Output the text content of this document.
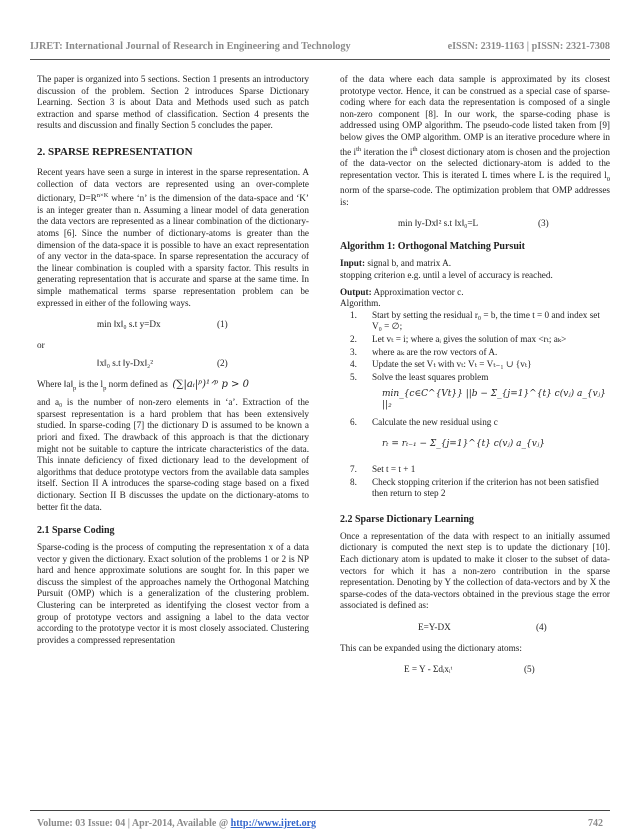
IJRET: International Journal of Research in Engineering and Technology	eISSN: 2319-1163 | pISSN: 2321-7308

The paper is organized into 5 sections. Section 1 presents an introductory discussion of the problem. Section 2 introduces Sparse Dictionary Learning. Section 3 is about Data and Methods used such as patch extraction and sparse method of classification. Section 4 presents the results and discussion and finally Section 5 concludes the paper.

2. SPARSE REPRESENTATION

Recent years have seen a surge in interest in the sparse representation. A collection of data vectors are represented using an over-complete dictionary, $D=R^{n\times K}$ where ‘n’ is the dimension of the data-space and ‘K’ is an integer greater than n. Assuming a linear model of data generation the data vectors are represented as a linear combination of the dictionary-atoms [6]. Since the number of dictionary-atoms is greater than the dimension of the data-space it is possible to have an exact representation of any vector in the data-space. In sparse representation the accuracy of the linear combination is coupled with a sparsity factor. This results in generating representation that is accurate and sparse at the same time. In simple mathematical terms sparse representation problem can be expressed in either of the following ways.

min ‖x‖₀ s.t y=Dx	(1)
or
‖x‖₀ s.t ‖y-Dx‖₂²	(2)

Where $‖a‖_p$ is the $l_p$ norm defined as (∑|aᵢ|ᵖ)¹ᐟᵖ p > 0

and a₀ is the number of non-zero elements in ‘a’. Extraction of the sparsest representation is a hard problem that has been extensively studied. In sparse-coding [7] the dictionary D is assumed to be known a priori and fixed. The drawback of this approach is that the dictionary might not be suitable to capture the intricate characteristics of the data. This innate deficiency of fixed dictionary lead to the development of algorithms that deduce prototype vectors from the available data samples itself. Section II A introduces the sparse-coding stage based on a fixed dictionary. Section II B discusses the update on the dictionary-atoms to better fit the data.

2.1 Sparse Coding

Sparse-coding is the process of computing the representation x of a data vector y given the dictionary. Exact solution of the problems 1 or 2 is NP hard and hence approximate solutions are sought for. In this paper we discuss the simplest of the approaches namely the Orthogonal Matching Pursuit (OMP) which is a generalization of the clustering problem. Clustering can be interpreted as identifying the closest vector from a group of prototype vectors and assigning a label to the data vector according to the prototype vector it is most closely associated. Clustering provides a compressed representation

of the data where each data sample is approximated by its closest prototype vector. Hence, it can be construed as a special case of sparse-coding where for each data the representation is composed of a single non-zero component [8]. In our work, the sparse-coding phase is addressed using OMP algorithm. The pseudo-code listed taken from [9] below gives the OMP algorithm. OMP is an iterative procedure where in the $i^{th}$ iteration the $i^{th}$ closest dictionary atom is chosen and the projection of the data-vector on the selected dictionary-atom is added to the representation vector. This is iterated L times where L is the required $l_0$ norm of the sparse-code. The optimization problem that OMP addresses is:

min ‖y-Dx‖² s.t ‖x‖₀=L	(3)
Algorithm 1: Orthogonal Matching Pursuit
Input: signal b, and matrix A.
stopping criterion e.g. until a level of accuracy is reached.
Output: Approximation vector c.
Algorithm.
1. Start by setting the residual r₀ = b, the time t = 0 and index set V₀ = ∅;
2. Let vₜ = i; where aᵢ gives the solution of max <rₜ; aₖ>
3. where aₖ are the row vectors of A.
4. Update the set Vₜ with vₜ: Vₜ = Vₜ₋₁ ∪ {vₜ}
5. Solve the least squares problem
min_{c∈C^{Vt}} ||b − Σ_{j=1}^{t} c(vⱼ) a_{vⱼ} ||₂
6. Calculate the new residual using c
rₜ = rₜ₋₁ − Σ_{j=1}^{t} c(vⱼ) a_{vⱼ}
7. Set t = t + 1
8. Check stopping criterion if the criterion has not been satisfied then return to step 2
2.2 Sparse Dictionary Learning

Once a representation of the data with respect to an initially assumed dictionary is computed the next step is to update the dictionary [10]. Each dictionary atom is updated to make it closer to the subset of data-vectors for which it has a non-zero contribution in the sparse representation. Denoting by Y the collection of data-vectors and by X the sparse-codes of the data-vectors obtained in the previous stage the error associated is defined as:

E=Y-DX	(4)

This can be expanded using the dictionary atoms:

E = Y - Σdᵢxᵢᵗ	(5)
Volume: 03 Issue: 04 | Apr-2014, Available @ http://www.ijret.org	742
